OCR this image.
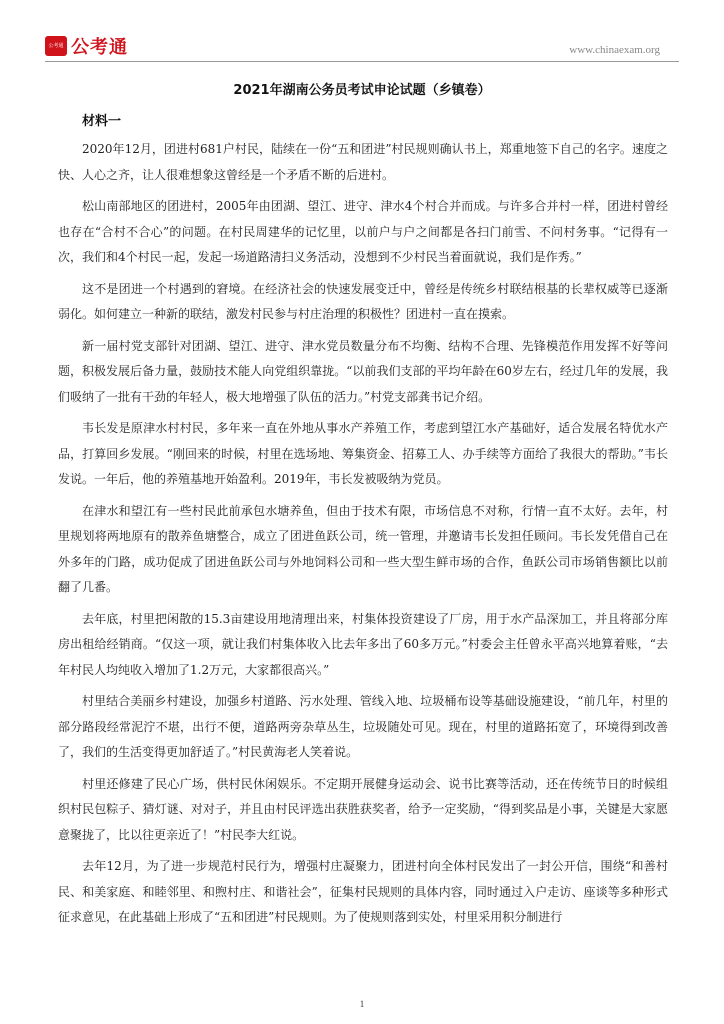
公考通 公考通	www.chinaexam.org
2021年湖南公务员考试申论试题（乡镇卷）
材料一

2020年12月，团进村681户村民，陆续在一份“五和团进”村民规则确认书上，郑重地签下自己的名字。速度之快、人心之齐，让人很难想象这曾经是一个矛盾不断的后进村。

松山南部地区的团进村，2005年由团湖、望江、进守、津水4个村合并而成。与许多合并村一样，团进村曾经也存在“合村不合心”的问题。在村民周建华的记忆里，以前户与户之间都是各扫门前雪、不问村务事。“记得有一次，我们和4个村民一起，发起一场道路清扫义务活动，没想到不少村民当着面就说，我们是作秀。”

这不是团进一个村遇到的窘境。在经济社会的快速发展变迁中，曾经是传统乡村联结根基的长辈权威等已逐渐弱化。如何建立一种新的联结，激发村民参与村庄治理的积极性？团进村一直在摸索。

新一届村党支部针对团湖、望江、进守、津水党员数量分布不均衡、结构不合理、先锋模范作用发挥不好等问题，积极发展后备力量，鼓励技术能人向党组织靠拢。“以前我们支部的平均年龄在60岁左右，经过几年的发展，我们吸纳了一批有干劲的年轻人，极大地增强了队伍的活力。”村党支部龚书记介绍。

韦长发是原津水村村民，多年来一直在外地从事水产养殖工作，考虑到望江水产基础好，适合发展名特优水产品，打算回乡发展。“刚回来的时候，村里在选场地、筹集资金、招募工人、办手续等方面给了我很大的帮助。”韦长发说。一年后，他的养殖基地开始盈利。2019年，韦长发被吸纳为党员。

在津水和望江有一些村民此前承包水塘养鱼，但由于技术有限，市场信息不对称，行情一直不太好。去年，村里规划将两地原有的散养鱼塘整合，成立了团进鱼跃公司，统一管理，并邀请韦长发担任顾问。韦长发凭借自己在外多年的门路，成功促成了团进鱼跃公司与外地饲料公司和一些大型生鲜市场的合作，鱼跃公司市场销售额比以前翻了几番。

去年底，村里把闲散的15.3亩建设用地清理出来，村集体投资建设了厂房，用于水产品深加工，并且将部分库房出租给经销商。“仅这一项，就让我们村集体收入比去年多出了60多万元。”村委会主任曾永平高兴地算着账，“去年村民人均纯收入增加了1.2万元，大家都很高兴。”

村里结合美丽乡村建设，加强乡村道路、污水处理、管线入地、垃圾桶布设等基础设施建设，“前几年，村里的部分路段经常泥泞不堪，出行不便，道路两旁杂草丛生，垃圾随处可见。现在，村里的道路拓宽了，环境得到改善了，我们的生活变得更加舒适了。”村民黄海老人笑着说。

村里还修建了民心广场，供村民休闲娱乐。不定期开展健身运动会、说书比赛等活动，还在传统节日的时候组织村民包粽子、猜灯谜、对对子，并且由村民评选出获胜获奖者，给予一定奖励，“得到奖品是小事，关键是大家愿意聚拢了，比以往更亲近了！”村民李大红说。

去年12月，为了进一步规范村民行为，增强村庄凝聚力，团进村向全体村民发出了一封公开信，围绕“和善村民、和美家庭、和睦邻里、和煦村庄、和谐社会”，征集村民规则的具体内容，同时通过入户走访、座谈等多种形式征求意见，在此基础上形成了“五和团进”村民规则。为了使规则落到实处，村里采用积分制进行

1
